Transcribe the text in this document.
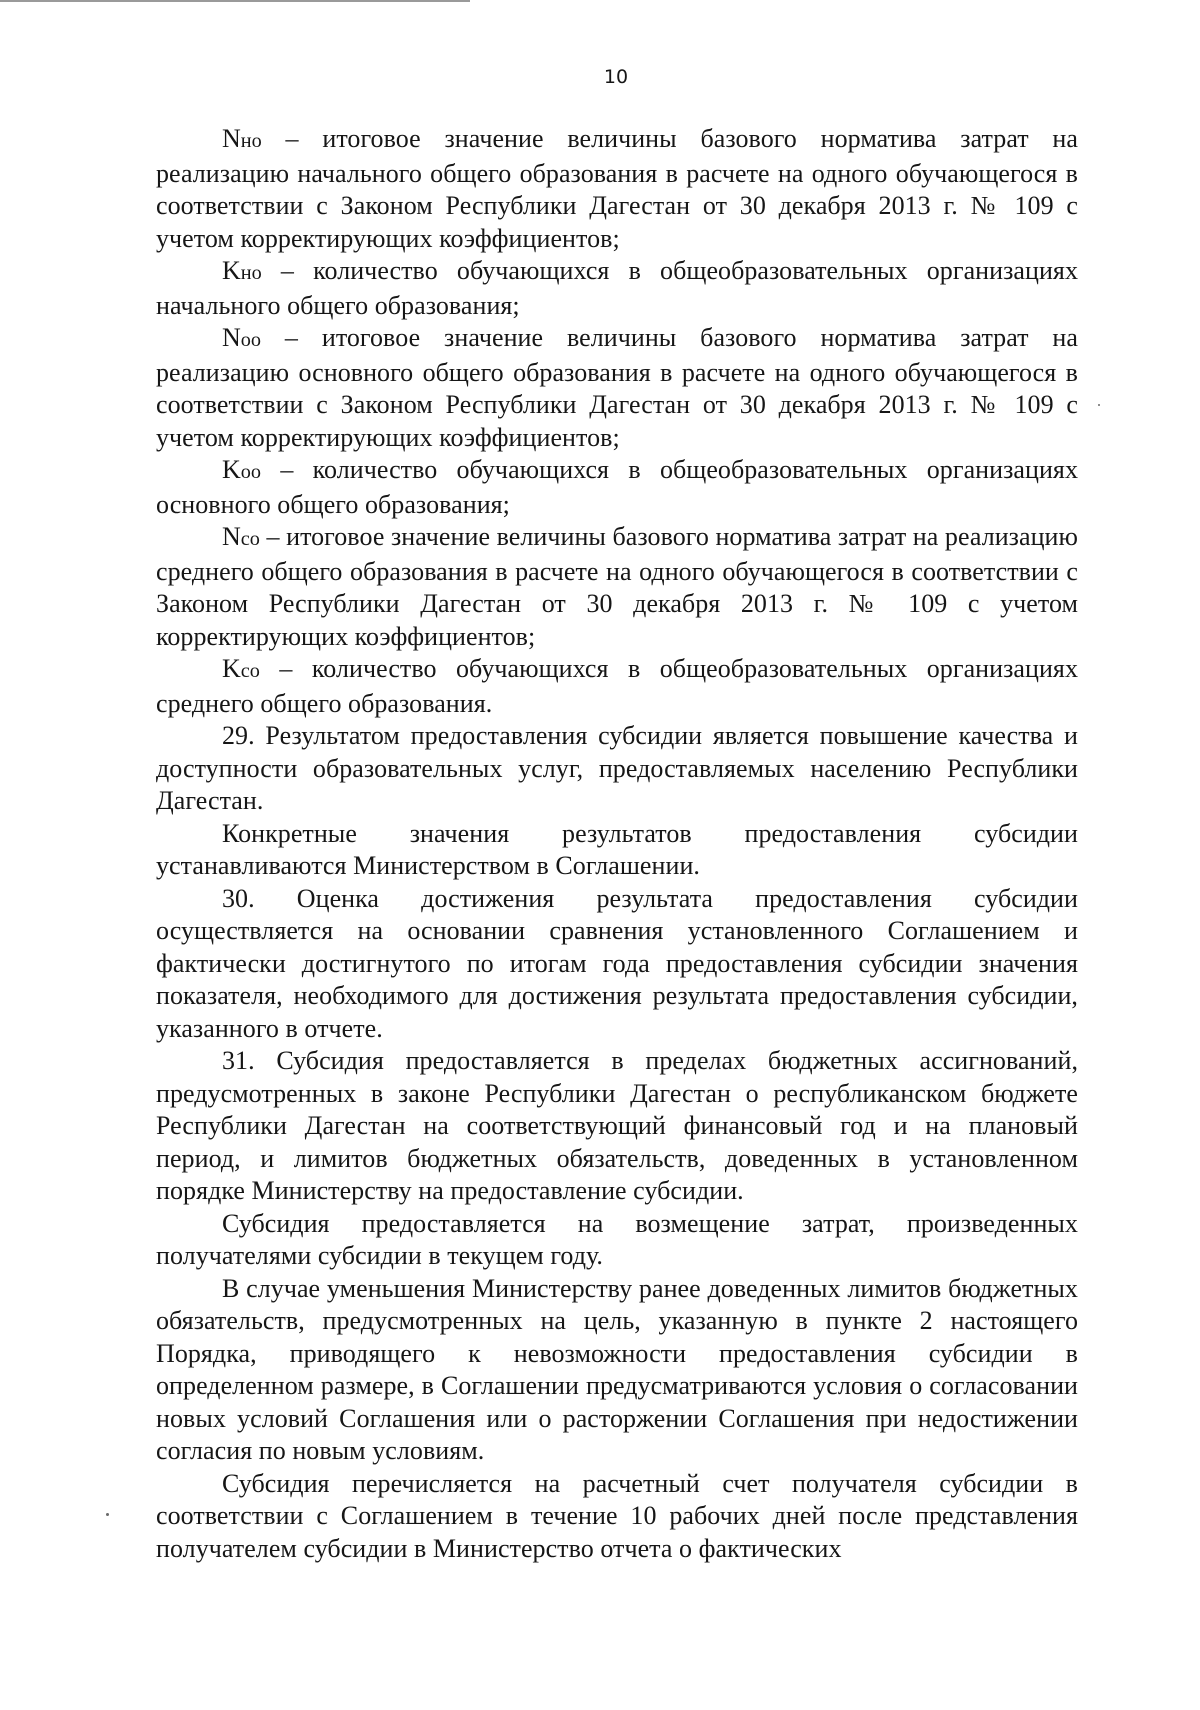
10

Nно – итоговое значение величины базового норматива затрат на реализацию начального общего образования в расчете на одного обучающегося в соответствии с Законом Республики Дагестан от 30 декабря 2013 г. № 109 с учетом корректирующих коэффициентов;

Kно – количество обучающихся в общеобразовательных организациях начального общего образования;

Nоо – итоговое значение величины базового норматива затрат на реализацию основного общего образования в расчете на одного обучающегося в соответствии с Законом Республики Дагестан от 30 декабря 2013 г. № 109 с учетом корректирующих коэффициентов;

Kоо – количество обучающихся в общеобразовательных организациях основного общего образования;

Nсо – итоговое значение величины базового норматива затрат на реализацию среднего общего образования в расчете на одного обучающегося в соответствии с Законом Республики Дагестан от 30 декабря 2013 г. № 109 с учетом корректирующих коэффициентов;

Kсо – количество обучающихся в общеобразовательных организациях среднего общего образования.

29. Результатом предоставления субсидии является повышение качества и доступности образовательных услуг, предоставляемых населению Республики Дагестан.

Конкретные значения результатов предоставления субсидии устанавливаются Министерством в Соглашении.

30. Оценка достижения результата предоставления субсидии осуществляется на основании сравнения установленного Соглашением и фактически достигнутого по итогам года предоставления субсидии значения показателя, необходимого для достижения результата предоставления субсидии, указанного в отчете.

31. Субсидия предоставляется в пределах бюджетных ассигнований, предусмотренных в законе Республики Дагестан о республиканском бюджете Республики Дагестан на соответствующий финансовый год и на плановый период, и лимитов бюджетных обязательств, доведенных в установленном порядке Министерству на предоставление субсидии.

Субсидия предоставляется на возмещение затрат, произведенных получателями субсидии в текущем году.

В случае уменьшения Министерству ранее доведенных лимитов бюджетных обязательств, предусмотренных на цель, указанную в пункте 2 настоящего Порядка, приводящего к невозможности предоставления субсидии в определенном размере, в Соглашении предусматриваются условия о согласовании новых условий Соглашения или о расторжении Соглашения при недостижении согласия по новым условиям.

Субсидия перечисляется на расчетный счет получателя субсидии в соответствии с Соглашением в течение 10 рабочих дней после представления получателем субсидии в Министерство отчета о фактических
